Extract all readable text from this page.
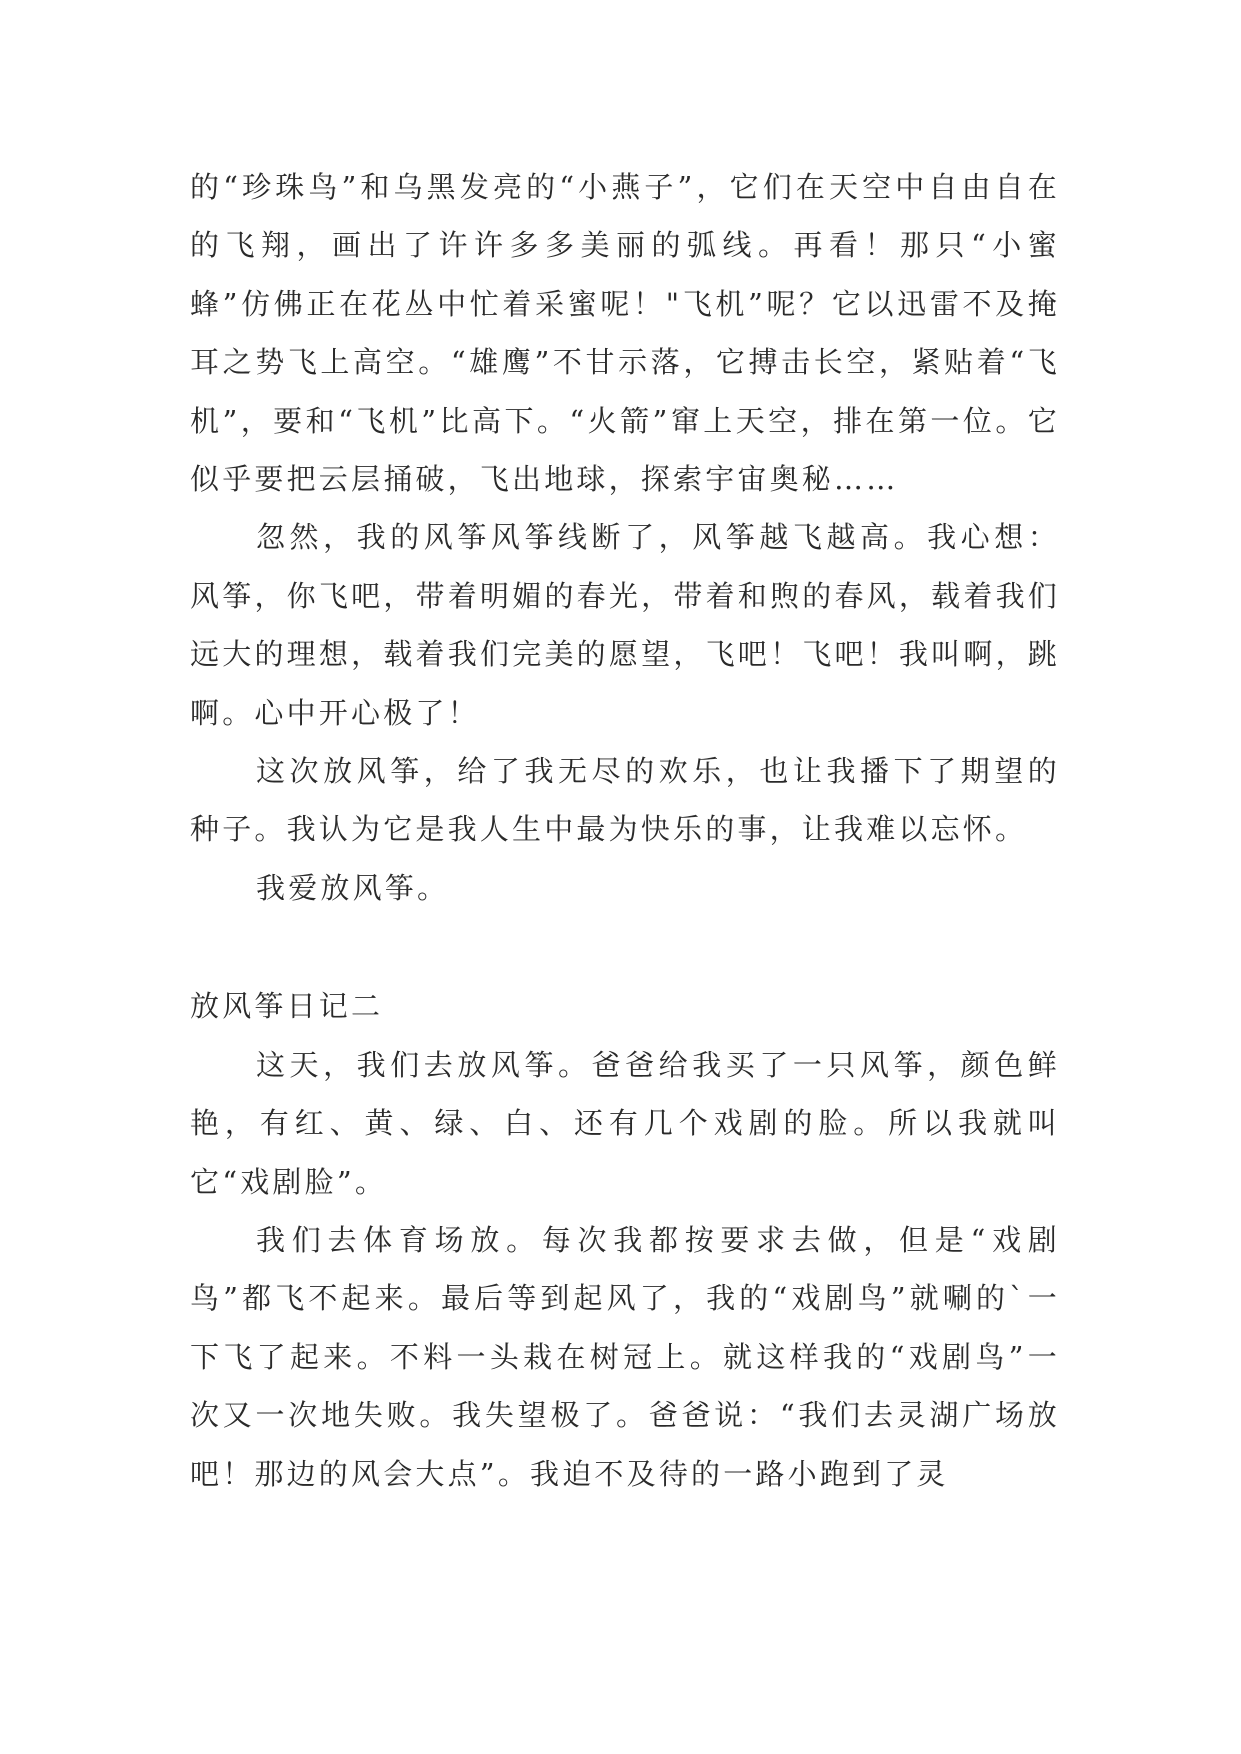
的“珍珠鸟”和乌黑发亮的“小燕子”，它们在天空中自由自在的飞翔，画出了许许多多美丽的弧线。再看！那只“小蜜蜂”仿佛正在花丛中忙着采蜜呢！"飞机”呢？它以迅雷不及掩耳之势飞上高空。“雄鹰”不甘示落，它搏击长空，紧贴着“飞机”，要和“飞机”比高下。“火箭”窜上天空，排在第一位。它似乎要把云层捅破，飞出地球，探索宇宙奥秘……

忽然，我的风筝风筝线断了，风筝越飞越高。我心想：风筝，你飞吧，带着明媚的春光，带着和煦的春风，载着我们远大的理想，载着我们完美的愿望，飞吧！飞吧！我叫啊，跳啊。心中开心极了！

这次放风筝，给了我无尽的欢乐，也让我播下了期望的种子。我认为它是我人生中最为快乐的事，让我难以忘怀。

我爱放风筝。

放风筝日记二

这天，我们去放风筝。爸爸给我买了一只风筝，颜色鲜艳，有红、黄、绿、白、还有几个戏剧的脸。所以我就叫它“戏剧脸”。

我们去体育场放。每次我都按要求去做，但是“戏剧鸟”都飞不起来。最后等到起风了，我的“戏剧鸟”就唰的`一下飞了起来。不料一头栽在树冠上。就这样我的“戏剧鸟”一次又一次地失败。我失望极了。爸爸说：“我们去灵湖广场放吧！那边的风会大点”。我迫不及待的一路小跑到了灵
